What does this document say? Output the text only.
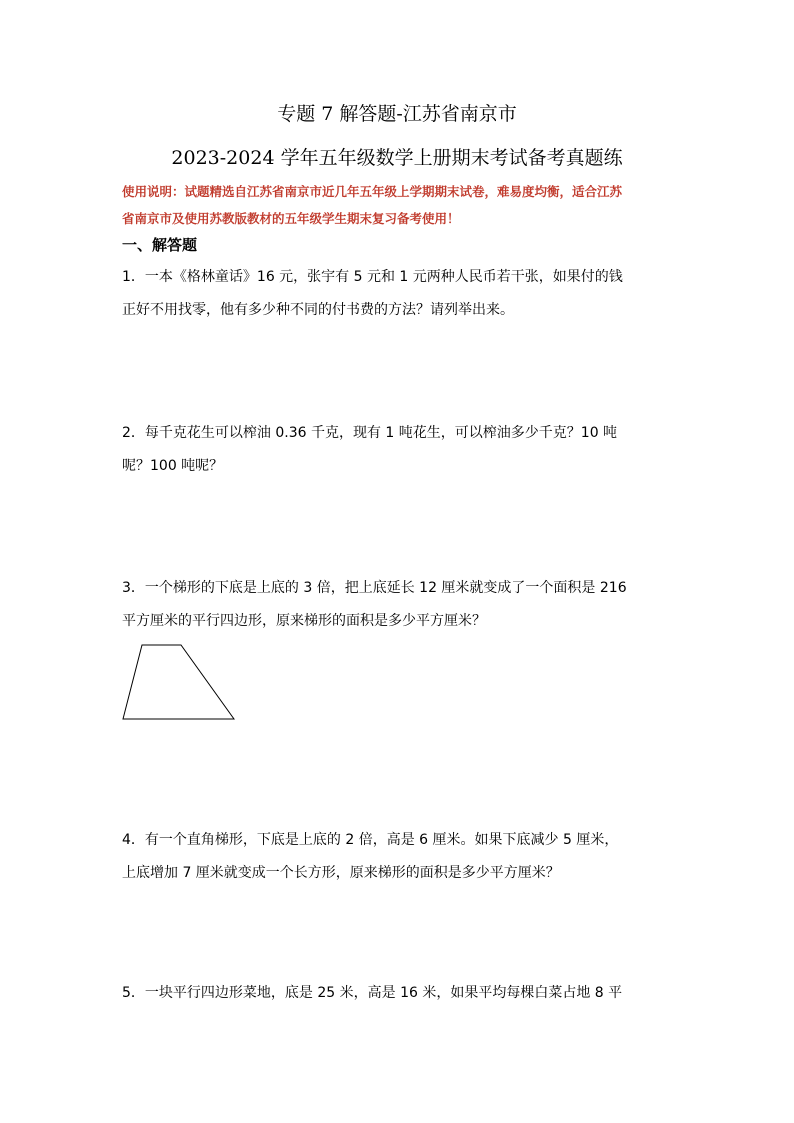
专题 7 解答题-江苏省南京市
2023-2024 学年五年级数学上册期末考试备考真题练
使用说明：试题精选自江苏省南京市近几年五年级上学期期末试卷，难易度均衡，适合江苏
省南京市及使用苏教版教材的五年级学生期末复习备考使用！
一、解答题
1．一本《格林童话》16 元，张宇有 5 元和 1 元两种人民币若干张，如果付的钱
正好不用找零，他有多少种不同的付书费的方法？请列举出来。
2．每千克花生可以榨油 0.36 千克，现有 1 吨花生，可以榨油多少千克？10 吨
呢？100 吨呢？
3．一个梯形的下底是上底的 3 倍，把上底延长 12 厘米就变成了一个面积是 216
平方厘米的平行四边形，原来梯形的面积是多少平方厘米？
4．有一个直角梯形，下底是上底的 2 倍，高是 6 厘米。如果下底减少 5 厘米，
上底增加 7 厘米就变成一个长方形，原来梯形的面积是多少平方厘米？
5．一块平行四边形菜地，底是 25 米，高是 16 米，如果平均每棵白菜占地 8 平
